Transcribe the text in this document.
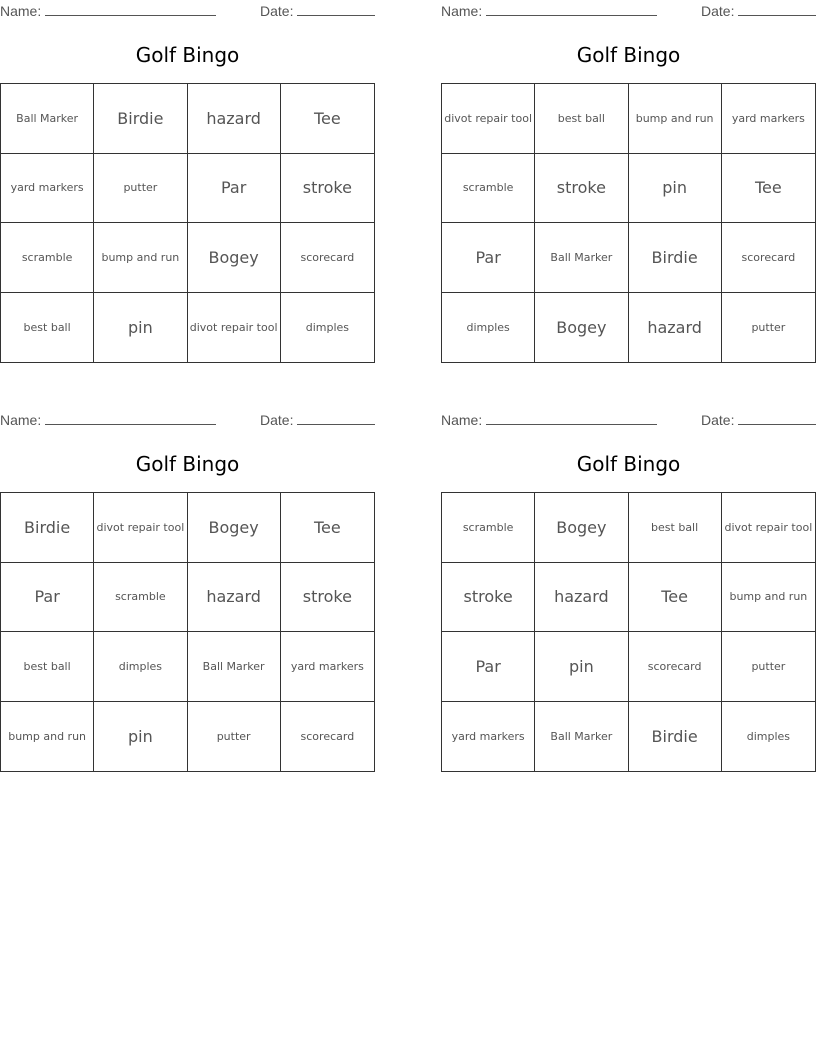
Name:	Date:
Golf Bingo
Ball Marker	Birdie	hazard	Tee
yard markers	putter	Par	stroke
scramble	bump and run	Bogey	scorecard
best ball	pin	divot repair tool	dimples
Name:	Date:
Golf Bingo
divot repair tool	best ball	bump and run	yard markers
scramble	stroke	pin	Tee
Par	Ball Marker	Birdie	scorecard
dimples	Bogey	hazard	putter
Name:	Date:
Golf Bingo
Birdie	divot repair tool	Bogey	Tee
Par	scramble	hazard	stroke
best ball	dimples	Ball Marker	yard markers
bump and run	pin	putter	scorecard
Name:	Date:
Golf Bingo
scramble	Bogey	best ball	divot repair tool
stroke	hazard	Tee	bump and run
Par	pin	scorecard	putter
yard markers	Ball Marker	Birdie	dimples
